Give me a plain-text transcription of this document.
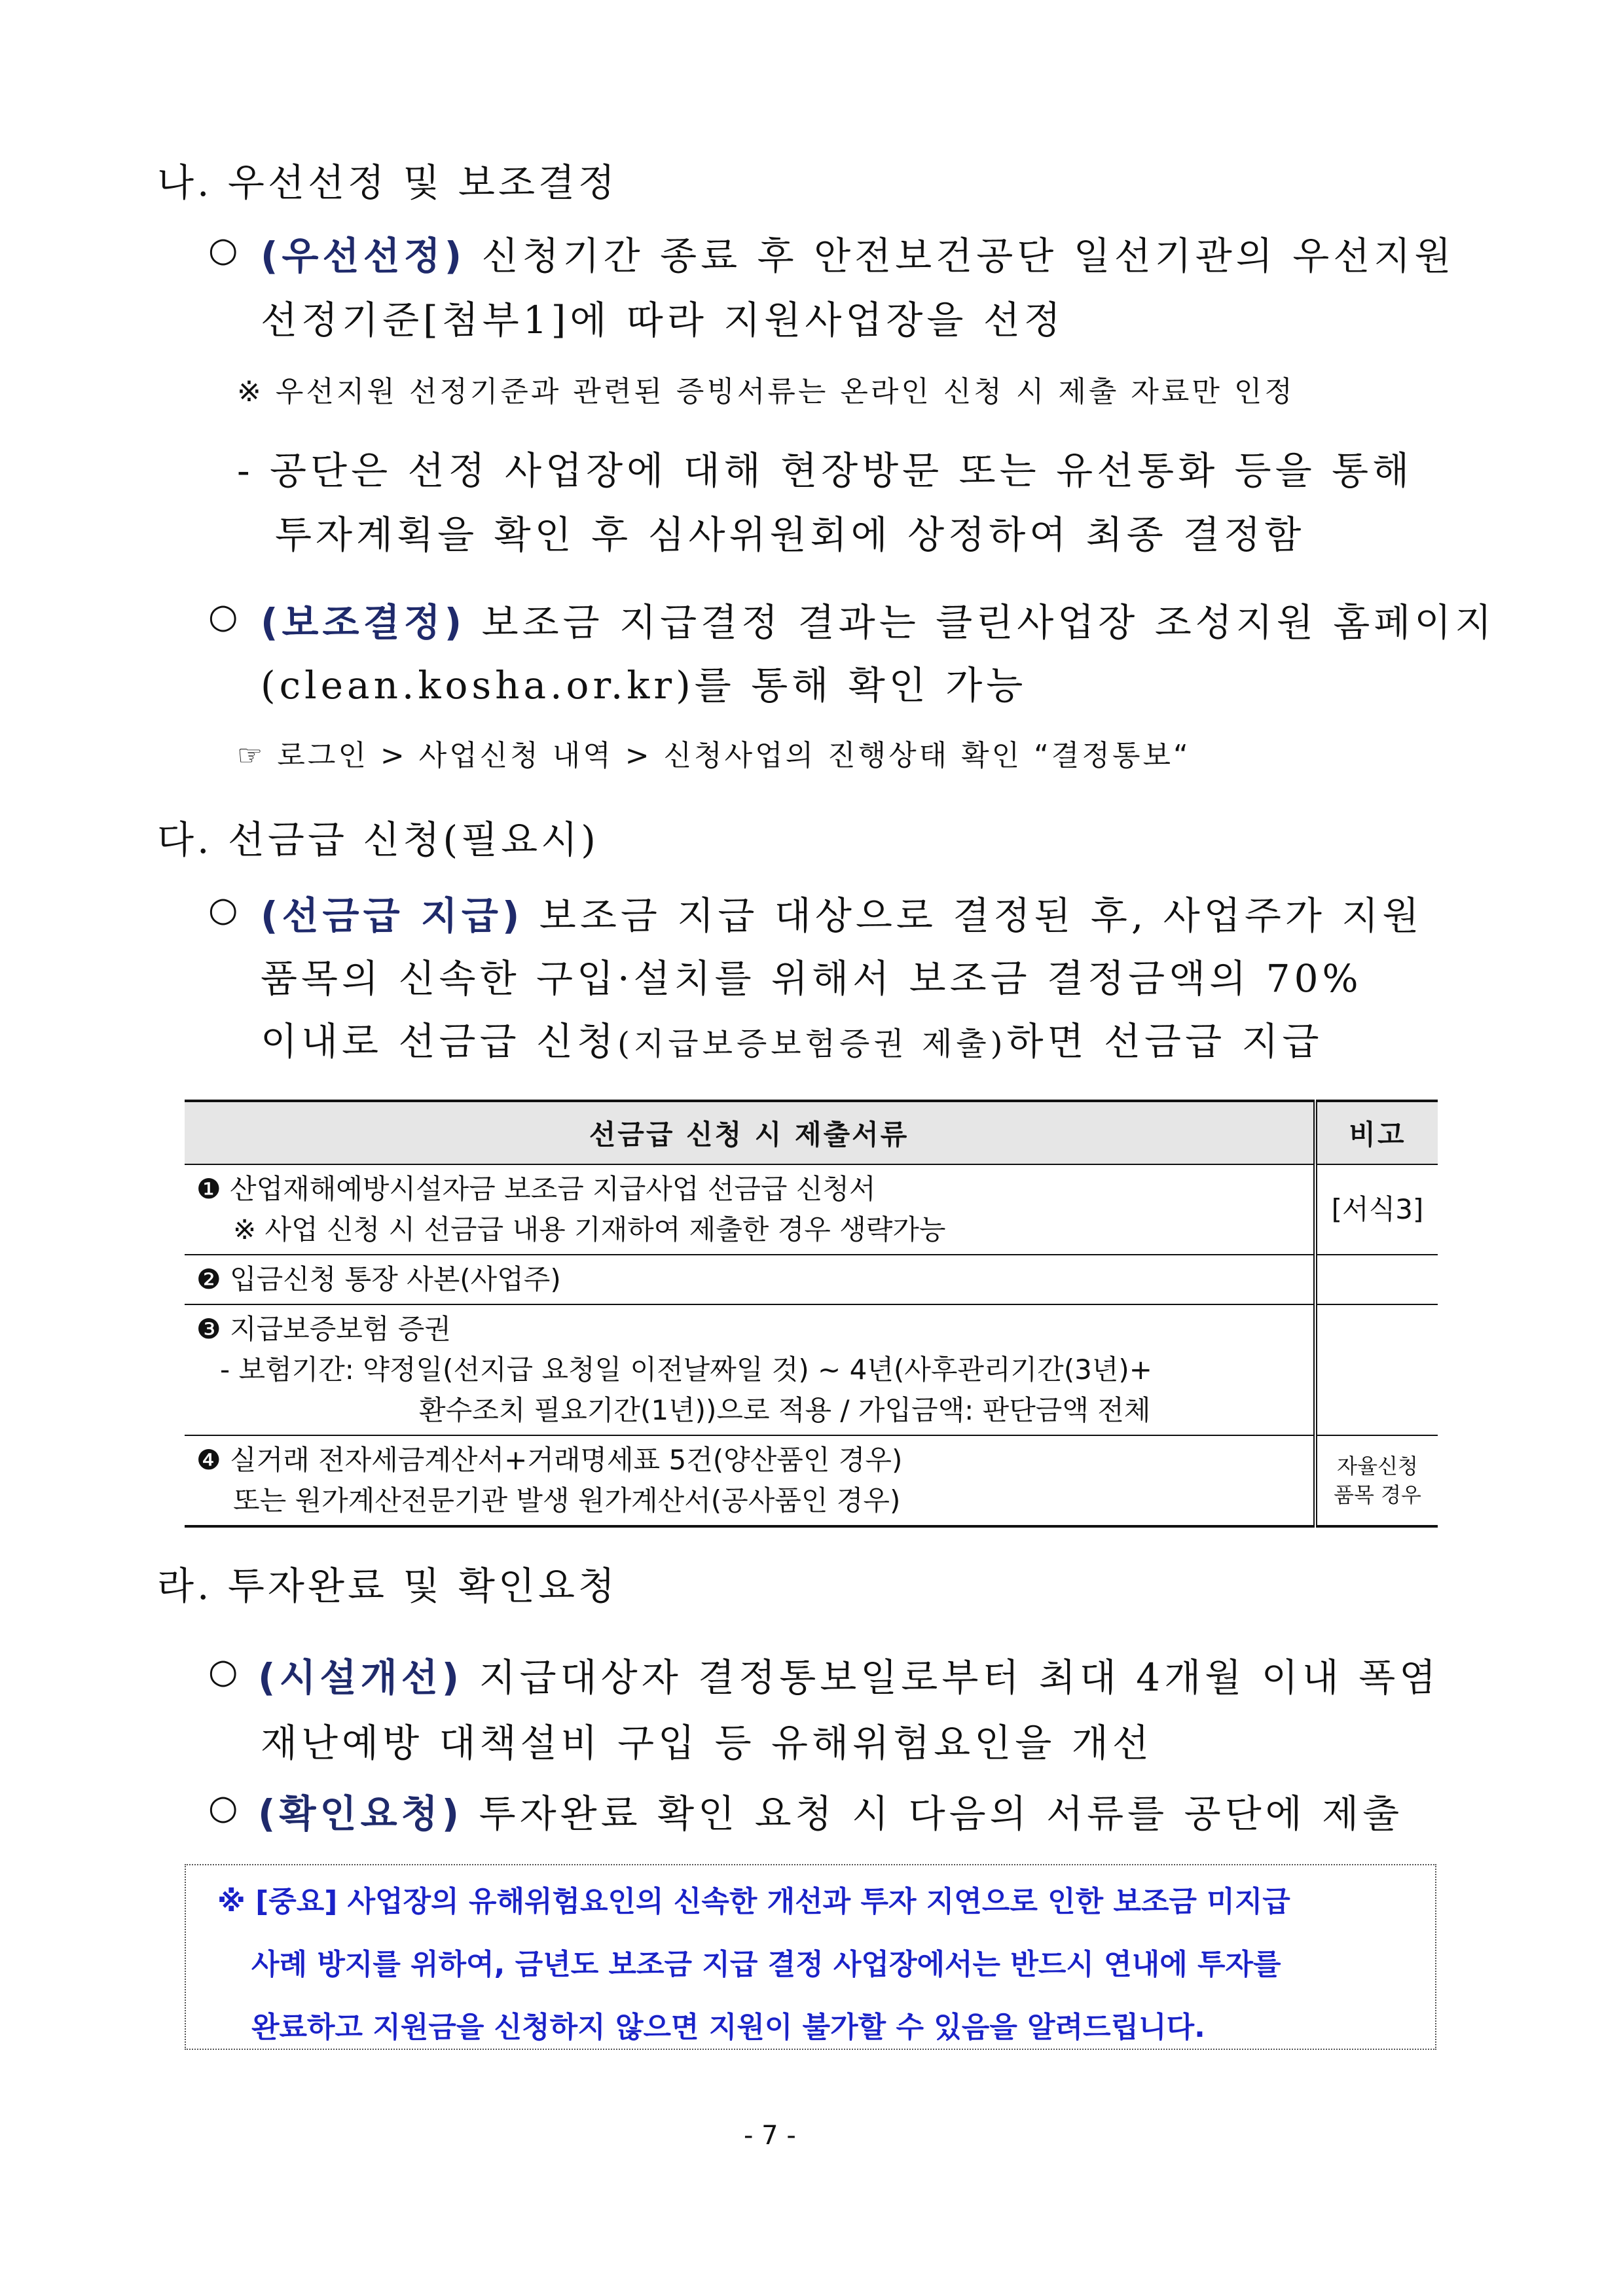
나. 우선선정 및 보조결정
○ (우선선정) 신청기간 종료 후 안전보건공단 일선기관의 우선지원
선정기준[첨부1]에 따라 지원사업장을 선정
※ 우선지원 선정기준과 관련된 증빙서류는 온라인 신청 시 제출 자료만 인정
- 공단은 선정 사업장에 대해 현장방문 또는 유선통화 등을 통해
투자계획을 확인 후 심사위원회에 상정하여 최종 결정함
○ (보조결정) 보조금 지급결정 결과는 클린사업장 조성지원 홈페이지
(clean.kosha.or.kr)를 통해 확인 가능
☞ 로그인 > 사업신청 내역 > 신청사업의 진행상태 확인 “결정통보“
다. 선금급 신청(필요시)
○ (선금급 지급) 보조금 지급 대상으로 결정된 후, 사업주가 지원
품목의 신속한 구입·설치를 위해서 보조금 결정금액의 70%
이내로 선금급 신청(지급보증보험증권 제출)하면 선금급 지급
선금급 신청 시 제출서류	비고

❶ 산업재해예방시설자금 보조금 지급사업 선금급 신청서
※ 사업 신청 시 선금급 내용 기재하여 제출한 경우 생략가능	[서식3]

❷ 입금신청 통장 사본(사업주)	

❸ 지급보증보험 증권
- 보험기간: 약정일(선지급 요청일 이전날짜일 것) ~ 4년(사후관리기간(3년)+
환수조치 필요기간(1년))으로 적용 / 가입금액: 판단금액 전체	

❹ 실거래 전자세금계산서+거래명세표 5건(양산품인 경우)
또는 원가계산전문기관 발생 원가계산서(공사품인 경우)	자율신청
품목 경우
라. 투자완료 및 확인요청
○ (시설개선) 지급대상자 결정통보일로부터 최대 4개월 이내 폭염
재난예방 대책설비 구입 등 유해위험요인을 개선
○ (확인요청) 투자완료 확인 요청 시 다음의 서류를 공단에 제출
※ [중요] 사업장의 유해위험요인의 신속한 개선과 투자 지연으로 인한 보조금 미지급
사례 방지를 위하여, 금년도 보조금 지급 결정 사업장에서는 반드시 연내에 투자를
완료하고 지원금을 신청하지 않으면 지원이 불가할 수 있음을 알려드립니다.
- 7 -
